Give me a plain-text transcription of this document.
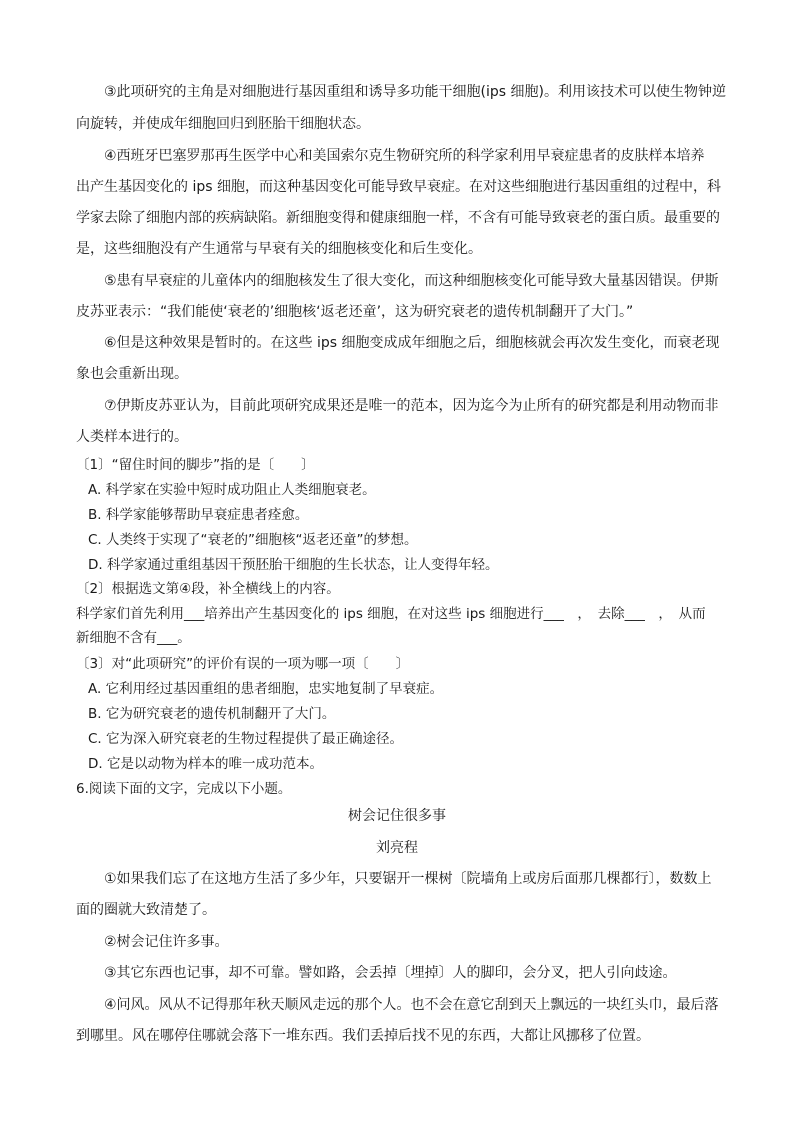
③此项研究的主角是对细胞进行基因重组和诱导多功能干细胞(ips 细胞)。利用该技术可以使生物钟逆
向旋转，并使成年细胞回归到胚胎干细胞状态。
④西班牙巴塞罗那再生医学中心和美国索尔克生物研究所的科学家利用早衰症患者的皮肤样本培养
出产生基因变化的 ips 细胞，而这种基因变化可能导致早衰症。在对这些细胞进行基因重组的过程中，科
学家去除了细胞内部的疾病缺陷。新细胞变得和健康细胞一样，不含有可能导致衰老的蛋白质。最重要的
是，这些细胞没有产生通常与早衰有关的细胞核变化和后生变化。
⑤患有早衰症的儿童体内的细胞核发生了很大变化，而这种细胞核变化可能导致大量基因错误。伊斯
皮苏亚表示：“我们能使‘衰老的’细胞核‘返老还童’，这为研究衰老的遗传机制翻开了大门。”
⑥但是这种效果是暂时的。在这些 ips 细胞变成成年细胞之后，细胞核就会再次发生变化，而衰老现
象也会重新出现。
⑦伊斯皮苏亚认为，目前此项研究成果还是唯一的范本，因为迄今为止所有的研究都是利用动物而非
人类样本进行的。
〔1〕“留住时间的脚步”指的是〔　　〕
A. 科学家在实验中短时成功阻止人类细胞衰老。
B. 科学家能够帮助早衰症患者痊愈。
C. 人类终于实现了“衰老的”细胞核“返老还童”的梦想。
D. 科学家通过重组基因干预胚胎干细胞的生长状态，让人变得年轻。
〔2〕根据选文第④段，补全横线上的内容。
科学家们首先利用___培养出产生基因变化的 ips 细胞，在对这些 ips 细胞进行___　，　去除___　，　从而
新细胞不含有___。
〔3〕对“此项研究”的评价有误的一项为哪一项〔　　〕
A. 它利用经过基因重组的患者细胞，忠实地复制了早衰症。
B. 它为研究衰老的遗传机制翻开了大门。
C. 它为深入研究衰老的生物过程提供了最正确途径。
D. 它是以动物为样本的唯一成功范本。
6.阅读下面的文字，完成以下小题。
树会记住很多事
刘亮程
①如果我们忘了在这地方生活了多少年，只要锯开一棵树〔院墙角上或房后面那几棵都行〕，数数上
面的圈就大致清楚了。
②树会记住许多事。
③其它东西也记事，却不可靠。譬如路，会丢掉〔埋掉〕人的脚印，会分叉，把人引向歧途。
④问风。风从不记得那年秋天顺风走远的那个人。也不会在意它刮到天上飘远的一块红头巾，最后落
到哪里。风在哪停住哪就会落下一堆东西。我们丢掉后找不见的东西，大都让风挪移了位置。
